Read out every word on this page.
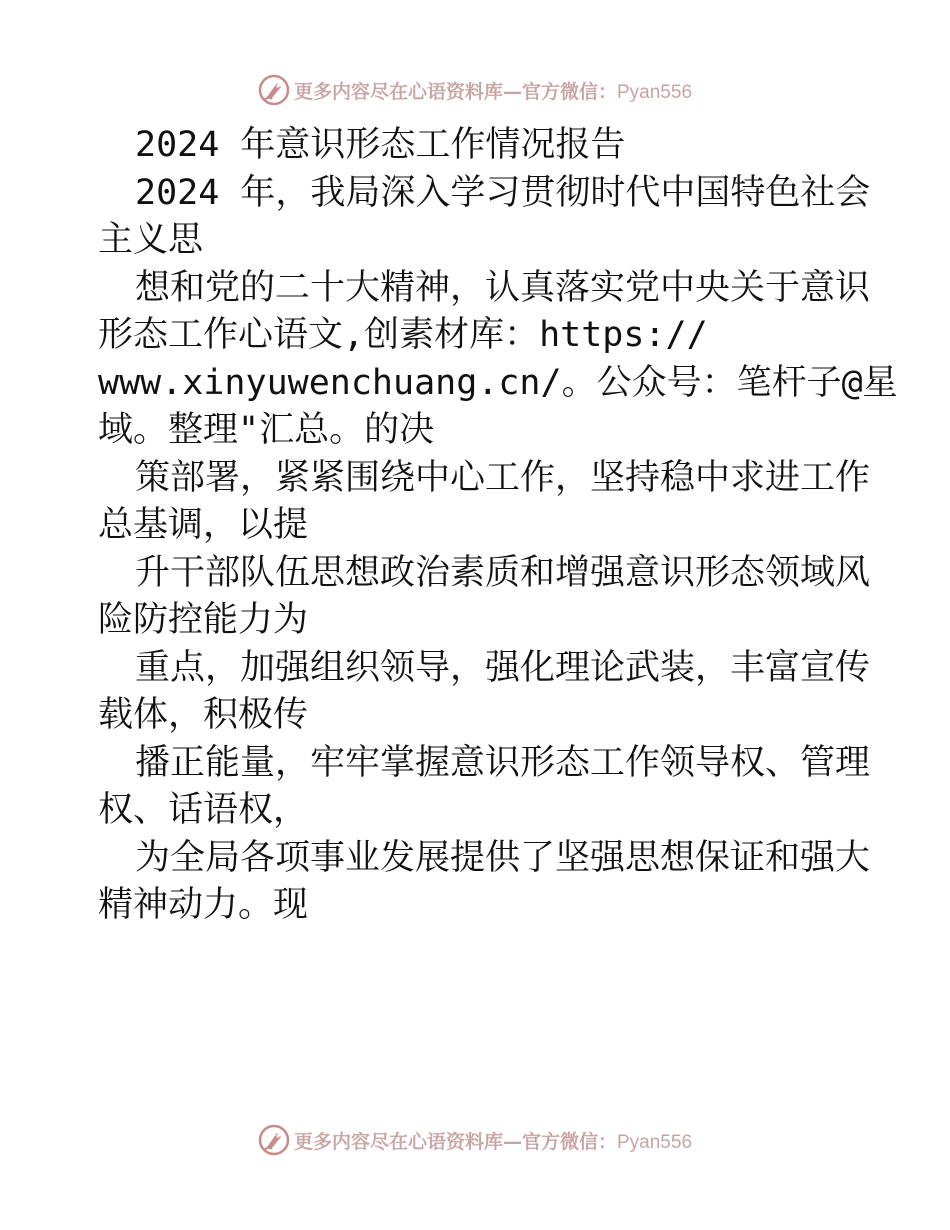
更多内容尽在心语资料库—官方微信：Pyan556
2024 年意识形态工作情况报告
2024 年，我局深入学习贯彻时代中国特色社会
主义思
想和党的二十大精神，认真落实党中央关于意识
形态工作心语文,创素材库：https://
www.xinyuwenchuang.cn/。公众号：笔杆子@星
域。整理"汇总。的决
策部署，紧紧围绕中心工作，坚持稳中求进工作
总基调，以提
升干部队伍思想政治素质和增强意识形态领域风
险防控能力为
重点，加强组织领导，强化理论武装，丰富宣传
载体，积极传
播正能量，牢牢掌握意识形态工作领导权、管理
权、话语权，
为全局各项事业发展提供了坚强思想保证和强大
精神动力。现
更多内容尽在心语资料库—官方微信：Pyan556
